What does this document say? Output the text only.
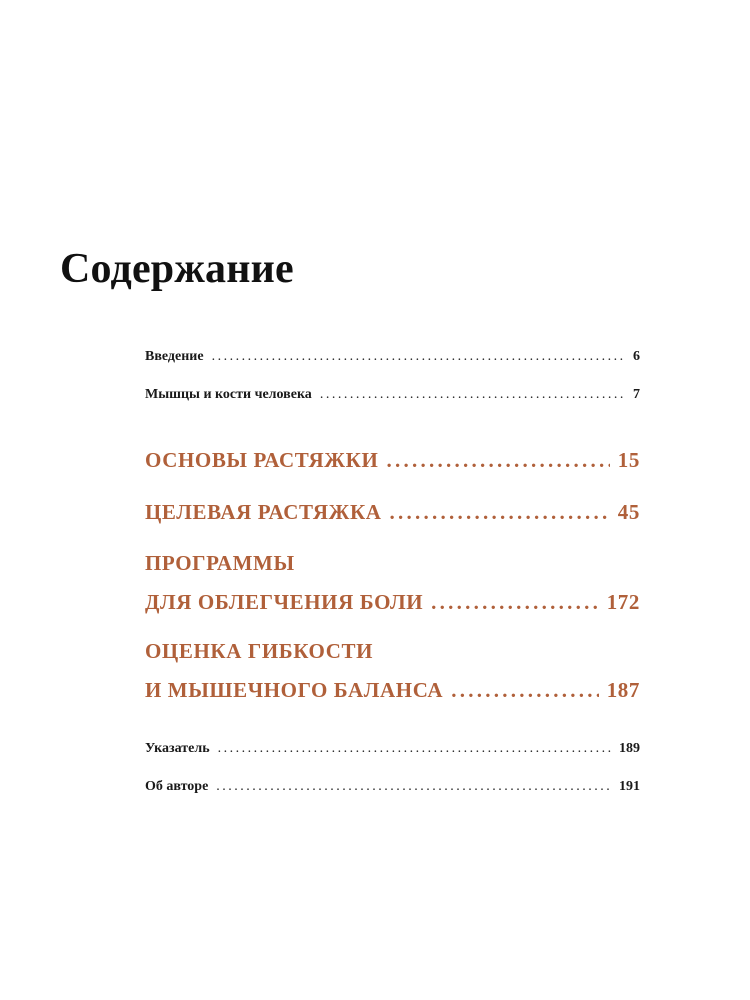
Содержание
Введение . . .	6
Мышцы и кости человека . . .	7
ОСНОВЫ РАСТЯЖКИ . . .	15
ЦЕЛЕВАЯ РАСТЯЖКА . . .	45

ПРОГРАММЫ

ДЛЯ ОБЛЕГЧЕНИЯ БОЛИ . . .	172

ОЦЕНКА ГИБКОСТИ

И МЫШЕЧНОГО БАЛАНСА . . .	187
Указатель . . .	189
Об авторе . . .	191
